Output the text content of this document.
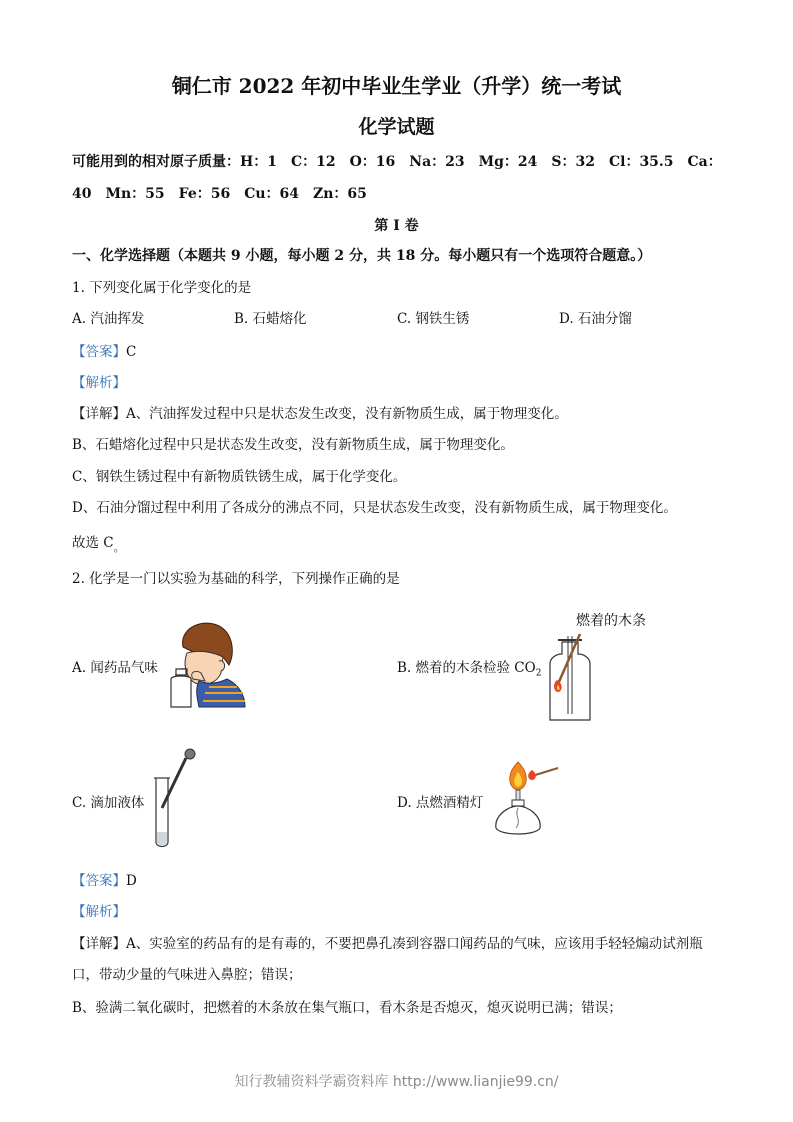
铜仁市 2022 年初中毕业生学业（升学）统一考试
化学试题
可能用到的相对原子质量：H：1　C：12　O：16　Na：23　Mg：24　S：32　Cl：35.5　Ca：
40　Mn：55　Fe：56　Cu：64　Zn：65
第 I 卷
一、化学选择题（本题共 9 小题，每小题 2 分，共 18 分。每小题只有一个选项符合题意。）
1. 下列变化属于化学变化的是
A. 汽油挥发	B. 石蜡熔化	C. 钢铁生锈	D. 石油分馏
【答案】C
【解析】
【详解】A、汽油挥发过程中只是状态发生改变，没有新物质生成，属于物理变化。
B、石蜡熔化过程中只是状态发生改变，没有新物质生成，属于物理变化。
C、钢铁生锈过程中有新物质铁锈生成，属于化学变化。
D、石油分馏过程中利用了各成分的沸点不同，只是状态发生改变，没有新物质生成，属于物理变化。
故选 $C_。$
2. 化学是一门以实验为基础的科学，下列操作正确的是
A. 闻药品气味	B. 燃着的木条检验 $CO_2$
燃着的木条
C. 滴加液体	D. 点燃酒精灯
【答案】D
【解析】
【详解】A、实验室的药品有的是有毒的，不要把鼻孔凑到容器口闻药品的气味，应该用手轻轻煽动试剂瓶
口，带动少量的气味进入鼻腔；错误；
B、验满二氧化碳时，把燃着的木条放在集气瓶口，看木条是否熄灭，熄灭说明已满；错误；
知行教辅资料学霸资料库 http://www.lianjie99.cn/
